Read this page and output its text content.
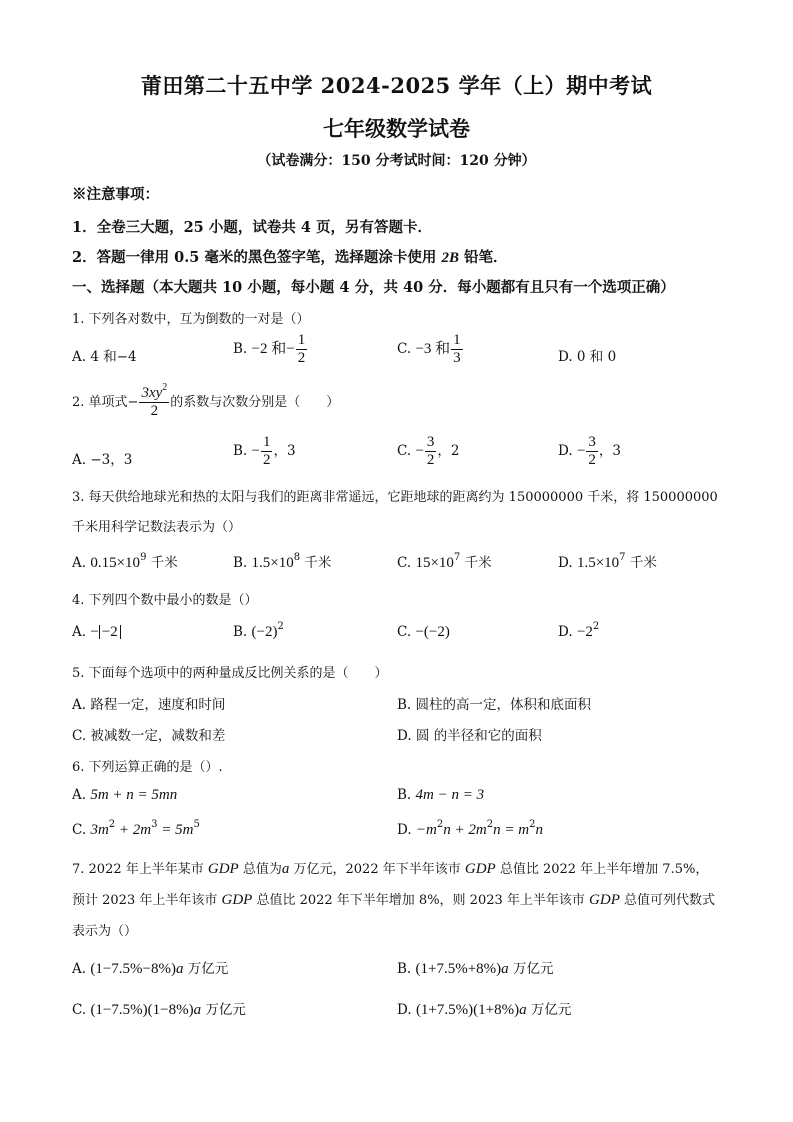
莆田第二十五中学 2024-2025 学年（上）期中考试
七年级数学试卷
（试卷满分：150 分考试时间：120 分钟）
※注意事项：
1．全卷三大题，25 小题，试卷共 4 页，另有答题卡．
2．答题一律用 0.5 毫米的黑色签字笔，选择题涂卡使用 2B 铅笔．
一、选择题（本大题共 10 小题，每小题 4 分，共 40 分．每小题都有且只有一个选项正确）
1. 下列各对数中，互为倒数的一对是（）
A. 4 和−4	B. −2 和− $\frac{1}{2}$	C. −3 和 $\frac{1}{3}$	D. 0 和 0
2. 单项式− $\frac{3xy^2}{2}$ 的系数与次数分别是（　　）
A. −3，3
B. − $\frac{1}{2}$ ，3	C. − $\frac{3}{2}$ ，2	D. − $\frac{3}{2}$ ，3
3. 每天供给地球光和热的太阳与我们的距离非常遥远，它距地球的距离约为 150000000 千米，将 150000000
千米用科学记数法表示为（）
A. $0.15\times 10^9$ 千米	B. $1.5\times 10^8$ 千米	C. $15\times 10^7$ 千米	D. $1.5\times 10^7$ 千米
4. 下列四个数中最小的数是（）
A. − −2	B. $(-2)^2$	C. −(−2)	D. $-2^2$
5. 下面每个选项中的两种量成反比例关系的是（　　）
A. 路程一定，速度和时间	B. 圆柱的高一定，体积和底面积
C. 被减数一定，减数和差	D. 圆 的半径和它的面积
6. 下列运算正确的是（）.
A. 5m + n = 5mn	B. 4m − n = 3
C. $3m^2 + 2m^3 = 5m^5$	D. $-m^2n + 2m^2n = m^2n$
7. 2022 年上半年某市 GDP 总值为a 万亿元，2022 年下半年该市 GDP 总值比 2022 年上半年增加 7.5%，
预计 2023 年上半年该市 GDP 总值比 2022 年下半年增加 8%，则 2023 年上半年该市 GDP 总值可列代数式
表示为（）
A. (1−7.5%−8%)a 万亿元	B. (1+7.5%+8%)a 万亿元
C. (1−7.5%)(1−8%)a 万亿元	D. (1+7.5%)(1+8%)a 万亿元
